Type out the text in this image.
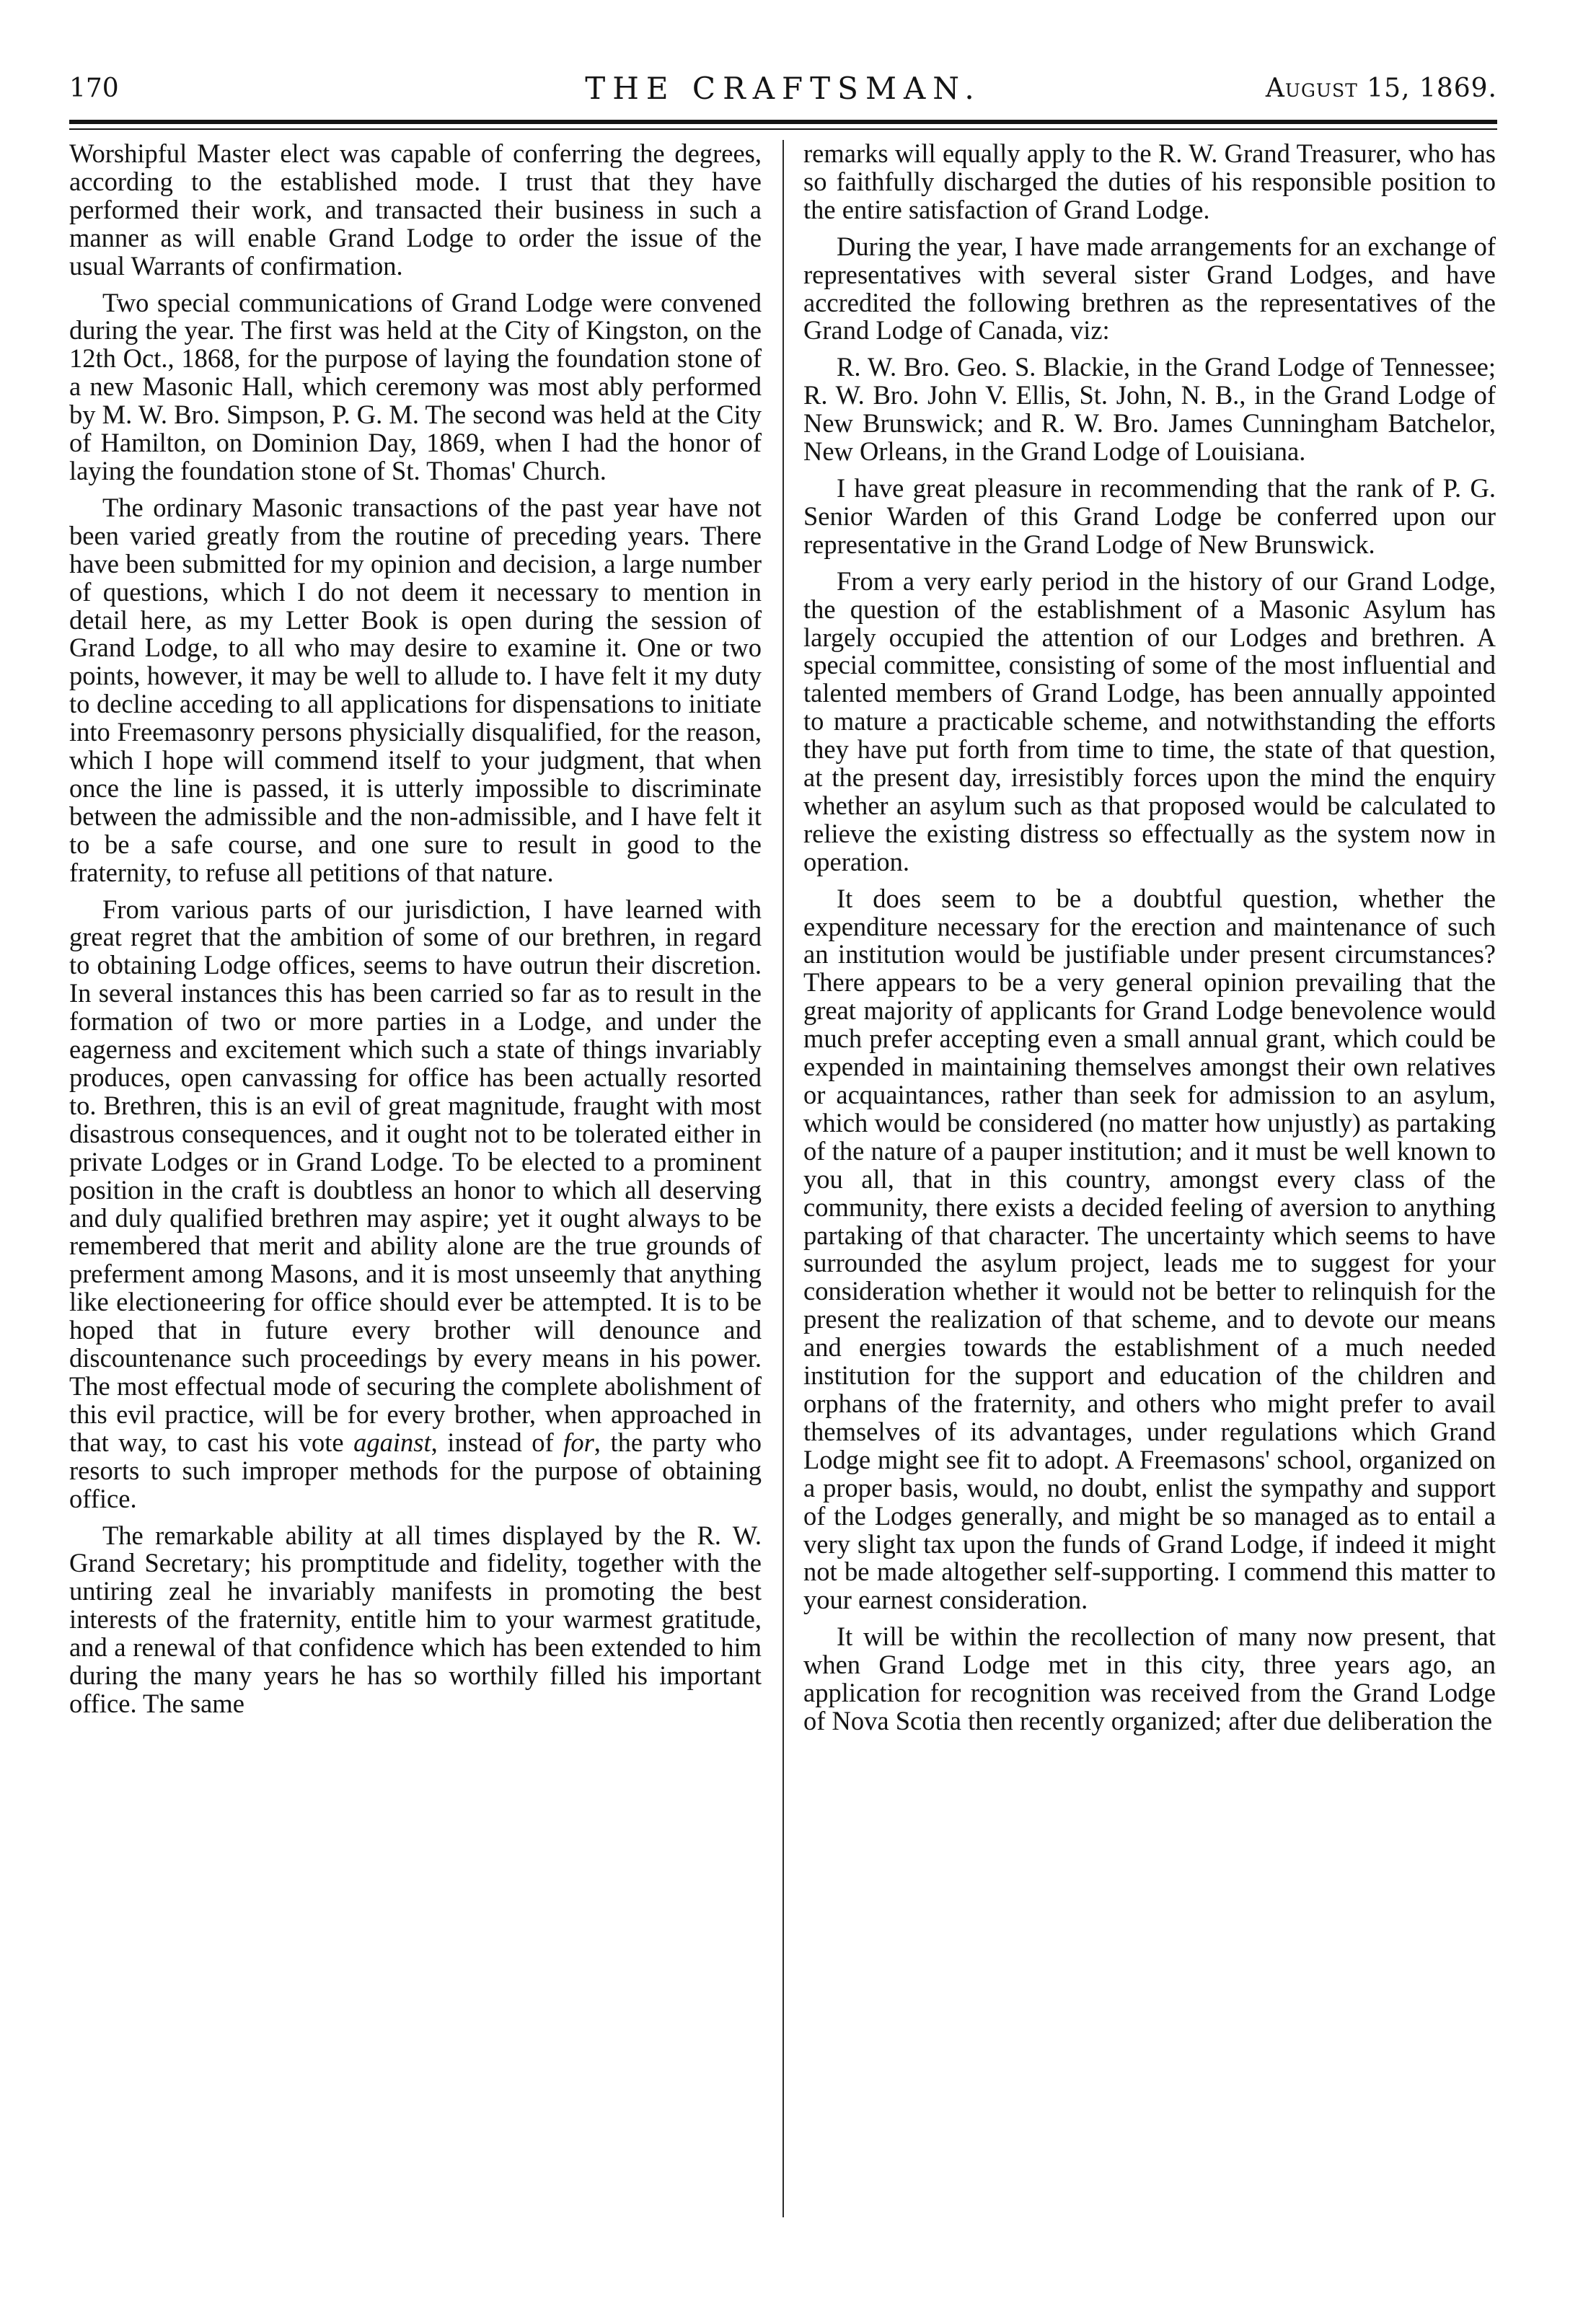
170	THE CRAFTSMAN.	August 15, 1869.

Worshipful Master elect was capable of conferring the degrees, according to the established mode. I trust that they have performed their work, and transacted their business in such a manner as will enable Grand Lodge to order the issue of the usual Warrants of confirmation.

Two special communications of Grand Lodge were convened during the year. The first was held at the City of Kingston, on the 12th Oct., 1868, for the purpose of laying the foundation stone of a new Masonic Hall, which ceremony was most ably performed by M. W. Bro. Simpson, P. G. M. The second was held at the City of Hamilton, on Dominion Day, 1869, when I had the honor of laying the foundation stone of St. Thomas' Church.

The ordinary Masonic transactions of the past year have not been varied greatly from the routine of preceding years. There have been submitted for my opinion and decision, a large number of questions, which I do not deem it necessary to mention in detail here, as my Letter Book is open during the session of Grand Lodge, to all who may desire to examine it. One or two points, however, it may be well to allude to. I have felt it my duty to decline acceding to all applications for dispensations to initiate into Freemasonry persons physicially disqualified, for the reason, which I hope will commend itself to your judgment, that when once the line is passed, it is utterly impossible to discriminate between the admissible and the non-admissible, and I have felt it to be a safe course, and one sure to result in good to the fraternity, to refuse all petitions of that nature.

From various parts of our jurisdiction, I have learned with great regret that the ambition of some of our brethren, in regard to obtaining Lodge offices, seems to have outrun their discretion. In several instances this has been carried so far as to result in the formation of two or more parties in a Lodge, and under the eagerness and excitement which such a state of things invariably produces, open canvassing for office has been actually resorted to. Brethren, this is an evil of great magnitude, fraught with most disastrous consequences, and it ought not to be tolerated either in private Lodges or in Grand Lodge. To be elected to a prominent position in the craft is doubtless an honor to which all deserving and duly qualified brethren may aspire; yet it ought always to be remembered that merit and ability alone are the true grounds of preferment among Masons, and it is most unseemly that anything like electioneering for office should ever be attempted. It is to be hoped that in future every brother will denounce and discountenance such proceedings by every means in his power. The most effectual mode of securing the complete abolishment of this evil practice, will be for every brother, when approached in that way, to cast his vote against, instead of for, the party who resorts to such improper methods for the purpose of obtaining office.

The remarkable ability at all times displayed by the R. W. Grand Secretary; his promptitude and fidelity, together with the untiring zeal he invariably manifests in promoting the best interests of the fraternity, entitle him to your warmest gratitude, and a renewal of that confidence which has been extended to him during the many years he has so worthily filled his important office. The same

remarks will equally apply to the R. W. Grand Treasurer, who has so faithfully discharged the duties of his responsible position to the entire satisfaction of Grand Lodge.

During the year, I have made arrangements for an exchange of representatives with several sister Grand Lodges, and have accredited the following brethren as the representatives of the Grand Lodge of Canada, viz:

R. W. Bro. Geo. S. Blackie, in the Grand Lodge of Tennessee; R. W. Bro. John V. Ellis, St. John, N. B., in the Grand Lodge of New Brunswick; and R. W. Bro. James Cunningham Batchelor, New Orleans, in the Grand Lodge of Louisiana.

I have great pleasure in recommending that the rank of P. G. Senior Warden of this Grand Lodge be conferred upon our representative in the Grand Lodge of New Brunswick.

From a very early period in the history of our Grand Lodge, the question of the establishment of a Masonic Asylum has largely occupied the attention of our Lodges and brethren. A special committee, consisting of some of the most influential and talented members of Grand Lodge, has been annually appointed to mature a practicable scheme, and notwithstanding the efforts they have put forth from time to time, the state of that question, at the present day, irresistibly forces upon the mind the enquiry whether an asylum such as that proposed would be calculated to relieve the existing distress so effectually as the system now in operation.

It does seem to be a doubtful question, whether the expenditure necessary for the erection and maintenance of such an institution would be justifiable under present circumstances? There appears to be a very general opinion prevailing that the great majority of applicants for Grand Lodge benevolence would much prefer accepting even a small annual grant, which could be expended in maintaining themselves amongst their own relatives or acquaintances, rather than seek for admission to an asylum, which would be considered (no matter how unjustly) as partaking of the nature of a pauper institution; and it must be well known to you all, that in this country, amongst every class of the community, there exists a decided feeling of aversion to anything partaking of that character. The uncertainty which seems to have surrounded the asylum project, leads me to suggest for your consideration whether it would not be better to relinquish for the present the realization of that scheme, and to devote our means and energies towards the establishment of a much needed institution for the support and education of the children and orphans of the fraternity, and others who might prefer to avail themselves of its advantages, under regulations which Grand Lodge might see fit to adopt. A Freemasons' school, organized on a proper basis, would, no doubt, enlist the sympathy and support of the Lodges generally, and might be so managed as to entail a very slight tax upon the funds of Grand Lodge, if indeed it might not be made altogether self-supporting. I commend this matter to your earnest consideration.

It will be within the recollection of many now present, that when Grand Lodge met in this city, three years ago, an application for recognition was received from the Grand Lodge of Nova Scotia then recently organized; after due deliberation the
